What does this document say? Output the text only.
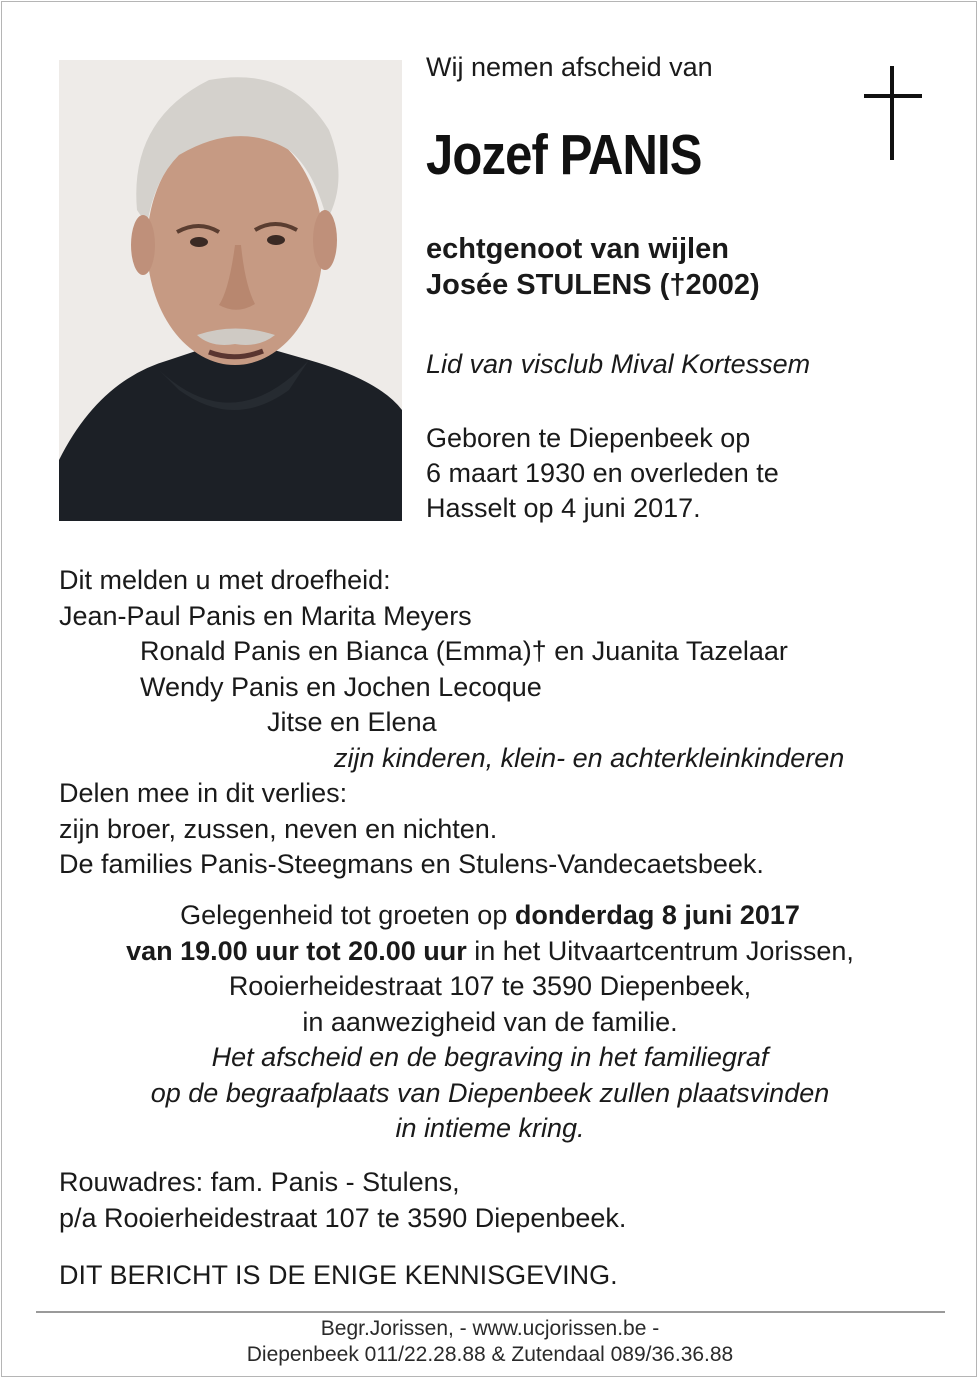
Wij nemen afscheid van
Jozef PANIS
echtgenoot van wijlen
Josée STULENS (†2002)
Lid van visclub Mival Kortessem
Geboren te Diepenbeek op
6 maart 1930 en overleden te
Hasselt op 4 juni 2017.
Dit melden u met droefheid:
Jean-Paul Panis en Marita Meyers
Ronald Panis en Bianca (Emma)† en Juanita Tazelaar
Wendy Panis en Jochen Lecoque
Jitse en Elena
zijn kinderen, klein- en achterkleinkinderen
Delen mee in dit verlies:
zijn broer, zussen, neven en nichten.
De families Panis-Steegmans en Stulens-Vandecaetsbeek.
Gelegenheid tot groeten op donderdag 8 juni 2017
van 19.00 uur tot 20.00 uur in het Uitvaartcentrum Jorissen,
Rooierheidestraat 107 te 3590 Diepenbeek,
in aanwezigheid van de familie.
Het afscheid en de begraving in het familiegraf
op de begraafplaats van Diepenbeek zullen plaatsvinden
in intieme kring.
Rouwadres: fam. Panis - Stulens,
p/a Rooierheidestraat 107 te 3590 Diepenbeek.
DIT BERICHT IS DE ENIGE KENNISGEVING.
Begr.Jorissen, - www.ucjorissen.be -
Diepenbeek 011/22.28.88 & Zutendaal 089/36.36.88
